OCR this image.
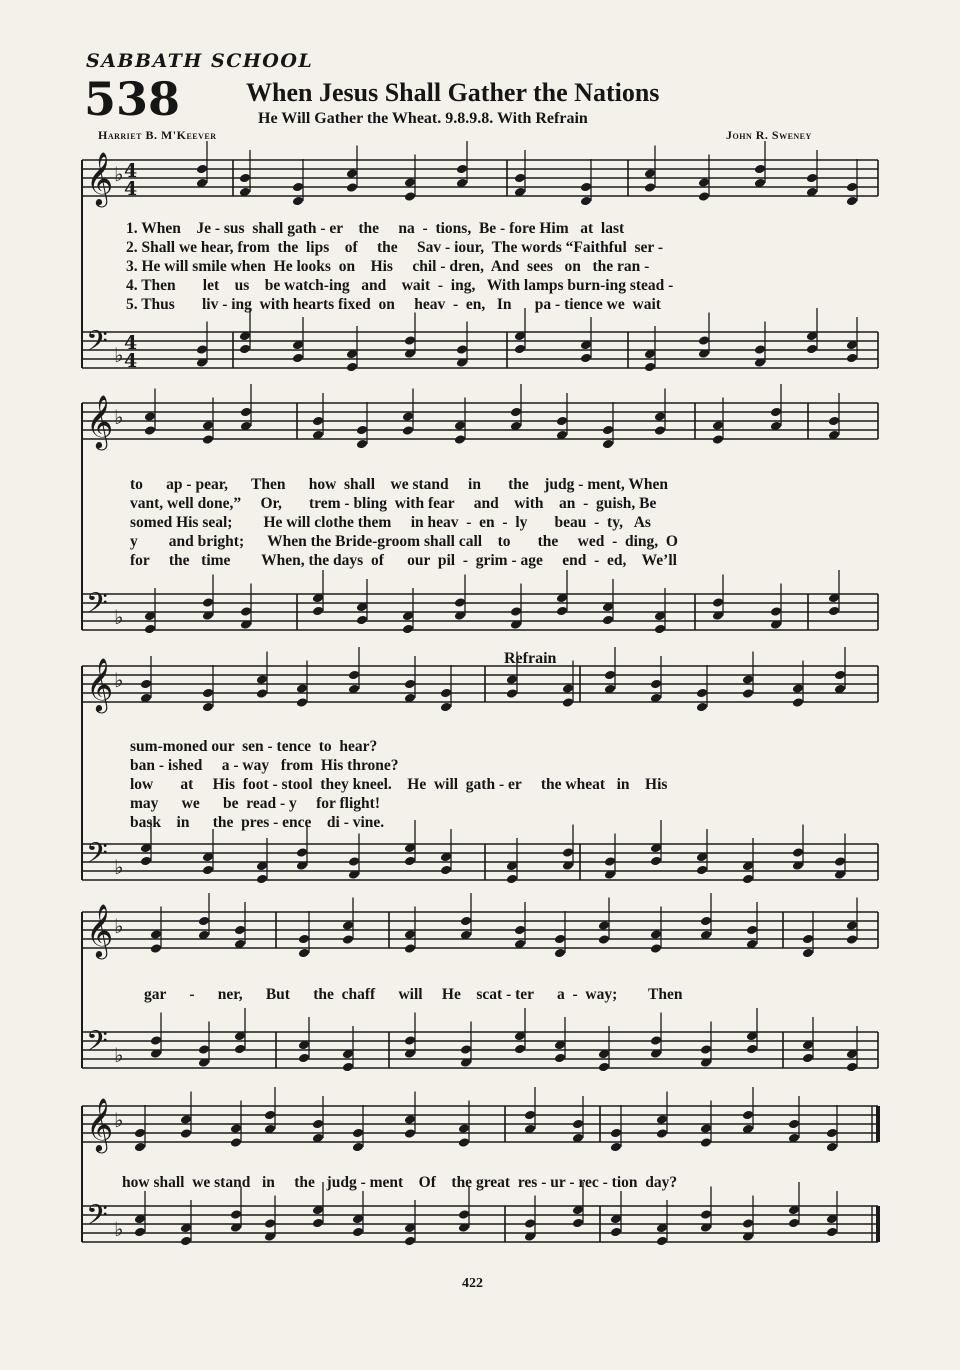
SABBATH SCHOOL
538	When Jesus Shall Gather the Nations
He Will Gather the Wheat. 9.8.9.8. With Refrain
Harriet B. M'Keever	John R. Sweney
𝄞 ♭
𝄢 ♭
𝄞 ♭
𝄢 ♭
𝄞 ♭
𝄢 ♭
𝄞 ♭
𝄢 ♭
𝄞 ♭
𝄢 ♭
4
4
4
4
1. When    Je - sus  shall gath - er    the     na  -  tions,  Be - fore Him   at  last
2. Shall we hear, from  the  lips    of     the     Sav - iour,  The words “Faithful  ser -
3. He will smile when  He looks  on    His     chil - dren,  And  sees   on   the ran -
4. Then       let    us    be watch-ing   and    wait  -  ing,   With lamps burn-ing stead -
5. Thus       liv - ing  with hearts fixed  on     heav  -  en,   In      pa - tience we  wait
to      ap - pear,      Then      how  shall    we stand     in       the    judg - ment, When
vant, well done,”     Or,       trem - bling  with fear     and    with    an  -  guish, Be
somed His seal;        He will clothe them     in heav  -  en  -  ly       beau  -  ty,   As
y        and bright;      When the Bride-groom shall call    to       the     wed  -  ding,  O
for     the   time        When, the days  of      our  pil  -  grim - age     end  -  ed,    We’ll
sum-moned our  sen - tence  to  hear?
ban - ished     a - way   from  His throne?
low       at     His  foot - stool  they kneel.    He  will  gath - er     the wheat   in    His
may      we      be  read - y     for flight!
bask    in      the  pres - ence    di - vine.
gar      -      ner,      But      the  chaff      will     He    scat - ter      a  -  way;        Then
how shall  we stand   in     the   judg - ment    Of    the great  res - ur - rec - tion  day?
Refrain
422
